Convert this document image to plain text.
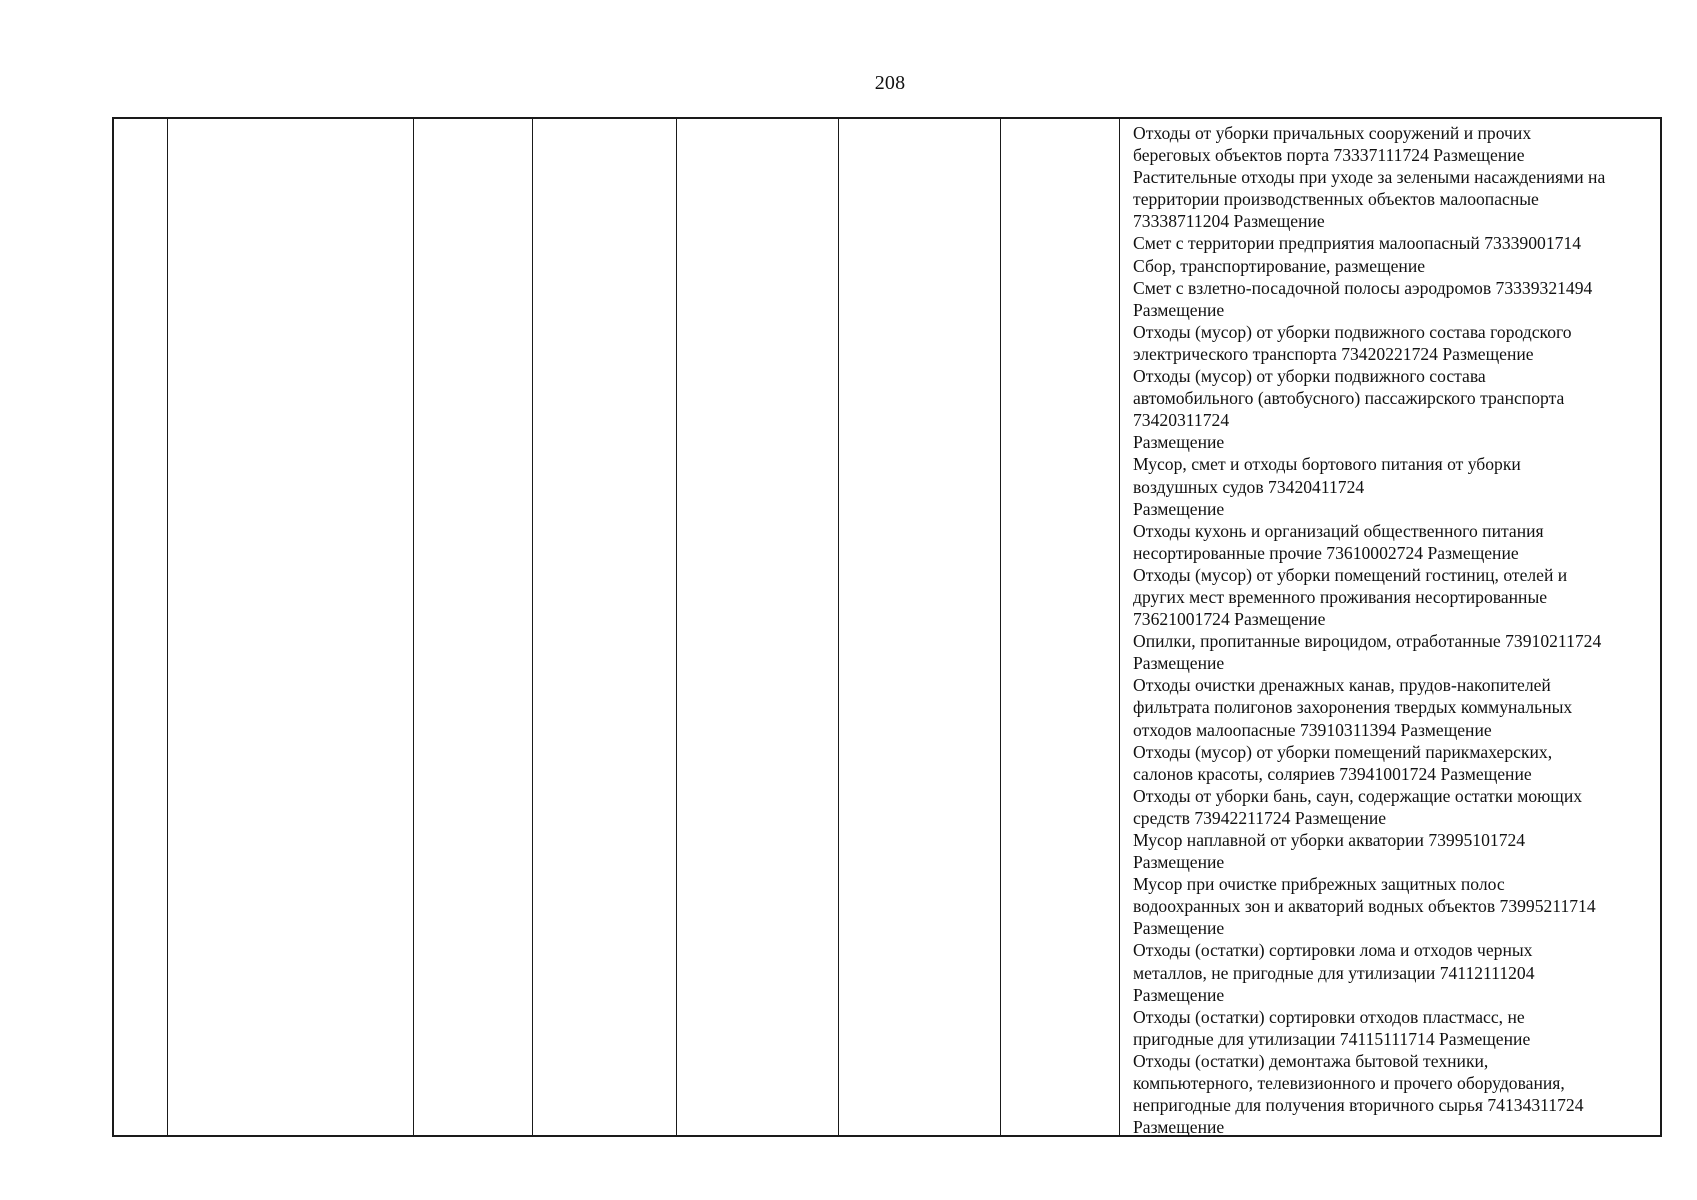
208
Отходы от уборки причальных сооружений и прочих
береговых объектов порта 73337111724 Размещение
Растительные отходы при уходе за зелеными насаждениями на
территории производственных объектов малоопасные
73338711204 Размещение
Смет с территории предприятия малоопасный 73339001714
Сбор, транспортирование, размещение
Смет с взлетно-посадочной полосы аэродромов 73339321494
Размещение
Отходы (мусор) от уборки подвижного состава городского
электрического транспорта 73420221724 Размещение
Отходы (мусор) от уборки подвижного состава
автомобильного (автобусного) пассажирского транспорта
73420311724
Размещение
Мусор, смет и отходы бортового питания от уборки
воздушных судов 73420411724
Размещение
Отходы кухонь и организаций общественного питания
несортированные прочие 73610002724 Размещение
Отходы (мусор) от уборки помещений гостиниц, отелей и
других мест временного проживания несортированные
73621001724 Размещение
Опилки, пропитанные вироцидом, отработанные 73910211724
Размещение
Отходы очистки дренажных канав, прудов-накопителей
фильтрата полигонов захоронения твердых коммунальных
отходов малоопасные 73910311394 Размещение
Отходы (мусор) от уборки помещений парикмахерских,
салонов красоты, соляриев 73941001724 Размещение
Отходы от уборки бань, саун, содержащие остатки моющих
средств 73942211724 Размещение
Мусор наплавной от уборки акватории 73995101724
Размещение
Мусор при очистке прибрежных защитных полос
водоохранных зон и акваторий водных объектов 73995211714
Размещение
Отходы (остатки) сортировки лома и отходов черных
металлов, не пригодные для утилизации 74112111204
Размещение
Отходы (остатки) сортировки отходов пластмасс, не
пригодные для утилизации 74115111714 Размещение
Отходы (остатки) демонтажа бытовой техники,
компьютерного, телевизионного и прочего оборудования,
непригодные для получения вторичного сырья 74134311724
Размещение
